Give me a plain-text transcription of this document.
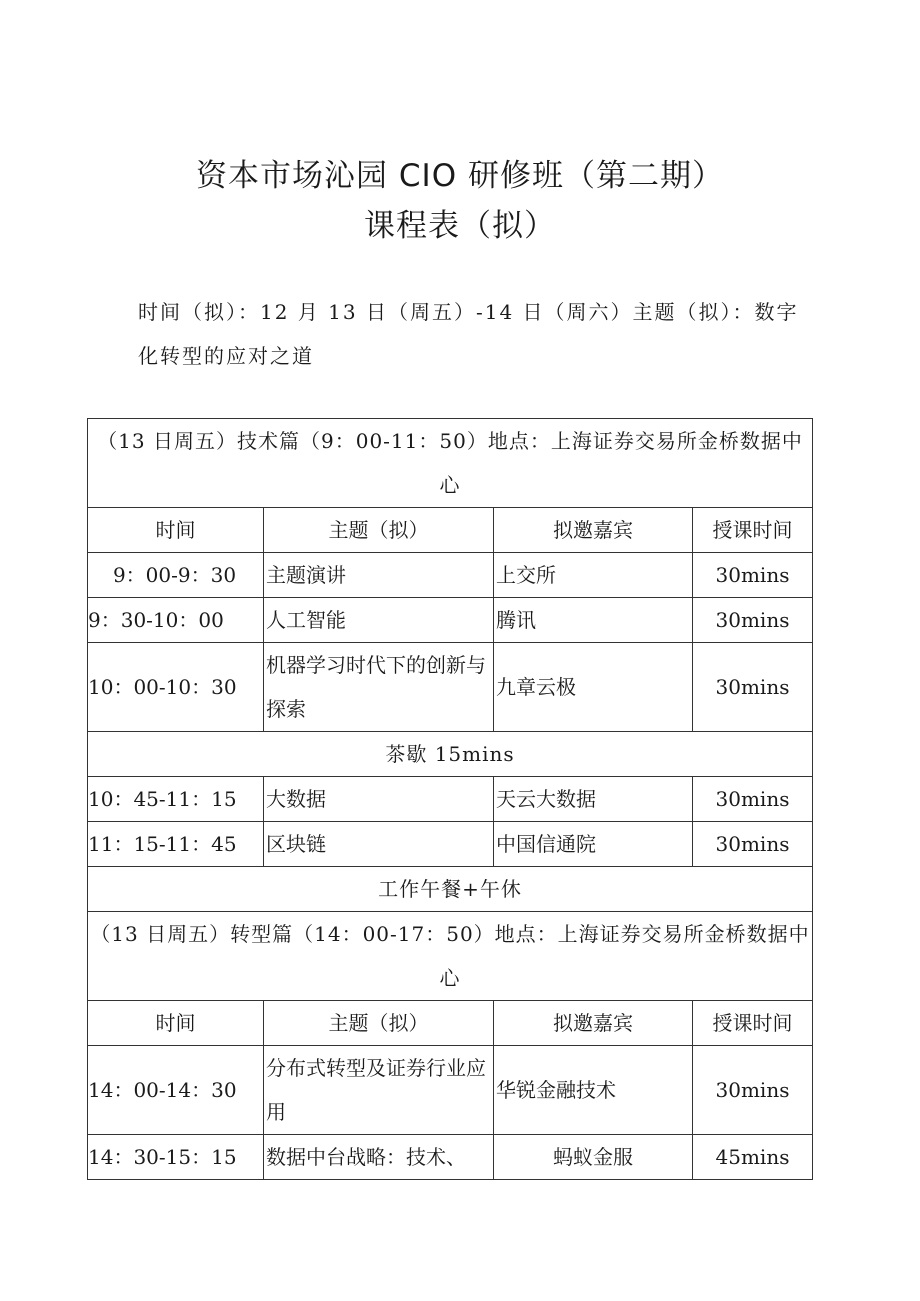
资本市场沁园 CIO 研修班（第二期）
课程表（拟）
时间（拟）：12 月 13 日（周五）-14 日（周六）主题（拟）：数字化转型的应对之道
（13 日周五）技术篇（9：00-11：50）地点：上海证券交易所金桥数据中心			
时间	主题（拟）	拟邀嘉宾	授课时间
9：00-9：30	主题演讲	上交所	30mins
9：30-10：00	人工智能	腾讯	30mins
10：00-10：30	机器学习时代下的创新与探索	九章云极	30mins
茶歇 15mins			
10：45-11：15	大数据	天云大数据	30mins
11：15-11：45	区块链	中国信通院	30mins
工作午餐+午休			
（13 日周五）转型篇（14：00-17：50）地点：上海证券交易所金桥数据中心			
时间	主题（拟）	拟邀嘉宾	授课时间
14：00-14：30	分布式转型及证券行业应用	华锐金融技术	30mins
14：30-15：15	数据中台战略：技术、	蚂蚁金服	45mins
